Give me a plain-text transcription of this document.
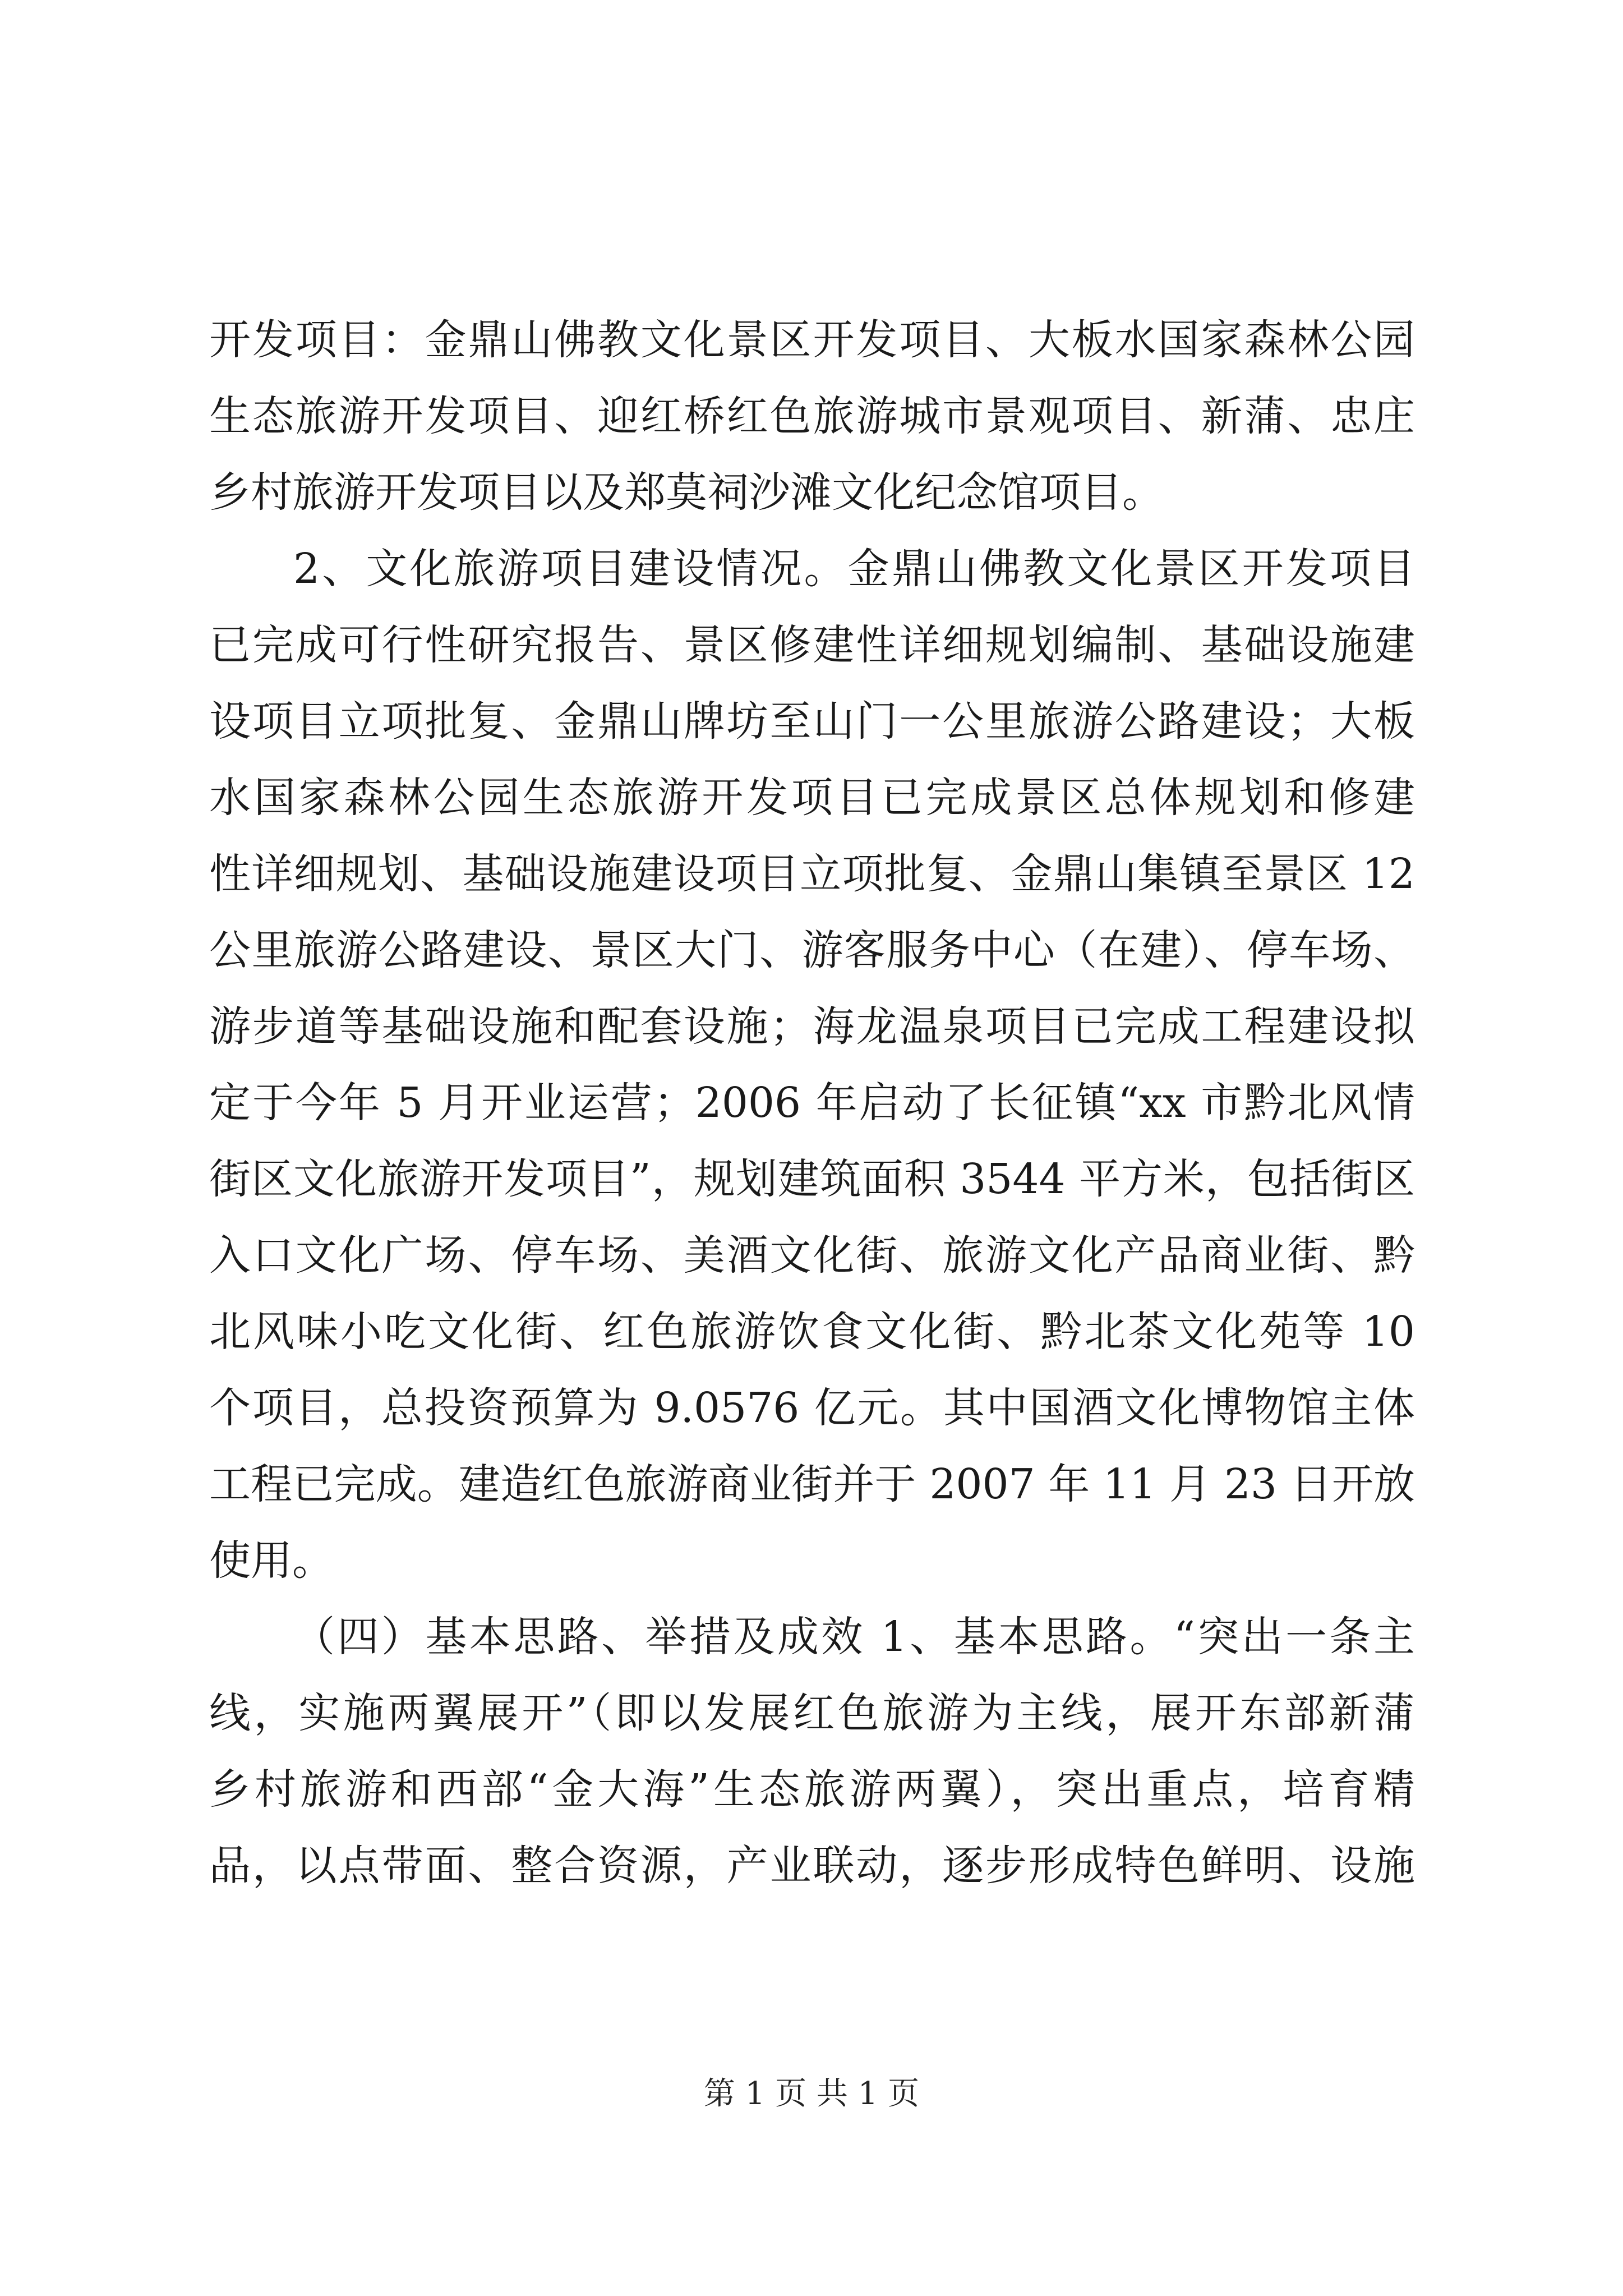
开发项目：金鼎山佛教文化景区开发项目、大板水国家森林公园
生态旅游开发项目、迎红桥红色旅游城市景观项目、新蒲、忠庄
乡村旅游开发项目以及郑莫祠沙滩文化纪念馆项目。
2、文化旅游项目建设情况。金鼎山佛教文化景区开发项目
已完成可行性研究报告、景区修建性详细规划编制、基础设施建
设项目立项批复、金鼎山牌坊至山门一公里旅游公路建设；大板
水国家森林公园生态旅游开发项目已完成景区总体规划和修建
性详细规划、基础设施建设项目立项批复、金鼎山集镇至景区 12
公里旅游公路建设、景区大门、游客服务中心（在建）、停车场、
游步道等基础设施和配套设施；海龙温泉项目已完成工程建设拟
定于今年 5 月开业运营；2006 年启动了长征镇“xx 市黔北风情
街区文化旅游开发项目”，规划建筑面积 3544 平方米，包括街区
入口文化广场、停车场、美酒文化街、旅游文化产品商业街、黔
北风味小吃文化街、红色旅游饮食文化街、黔北茶文化苑等 10
个项目，总投资预算为 9.0576 亿元。其中国酒文化博物馆主体
工程已完成。建造红色旅游商业街并于 2007 年 11 月 23 日开放
使用。
（四）基本思路、举措及成效 1、基本思路。“突出一条主
线，实施两翼展开”（即以发展红色旅游为主线，展开东部新蒲
乡村旅游和西部“金大海”生态旅游两翼），突出重点，培育精
品，以点带面、整合资源，产业联动，逐步形成特色鲜明、设施
第 1 页 共 1 页
